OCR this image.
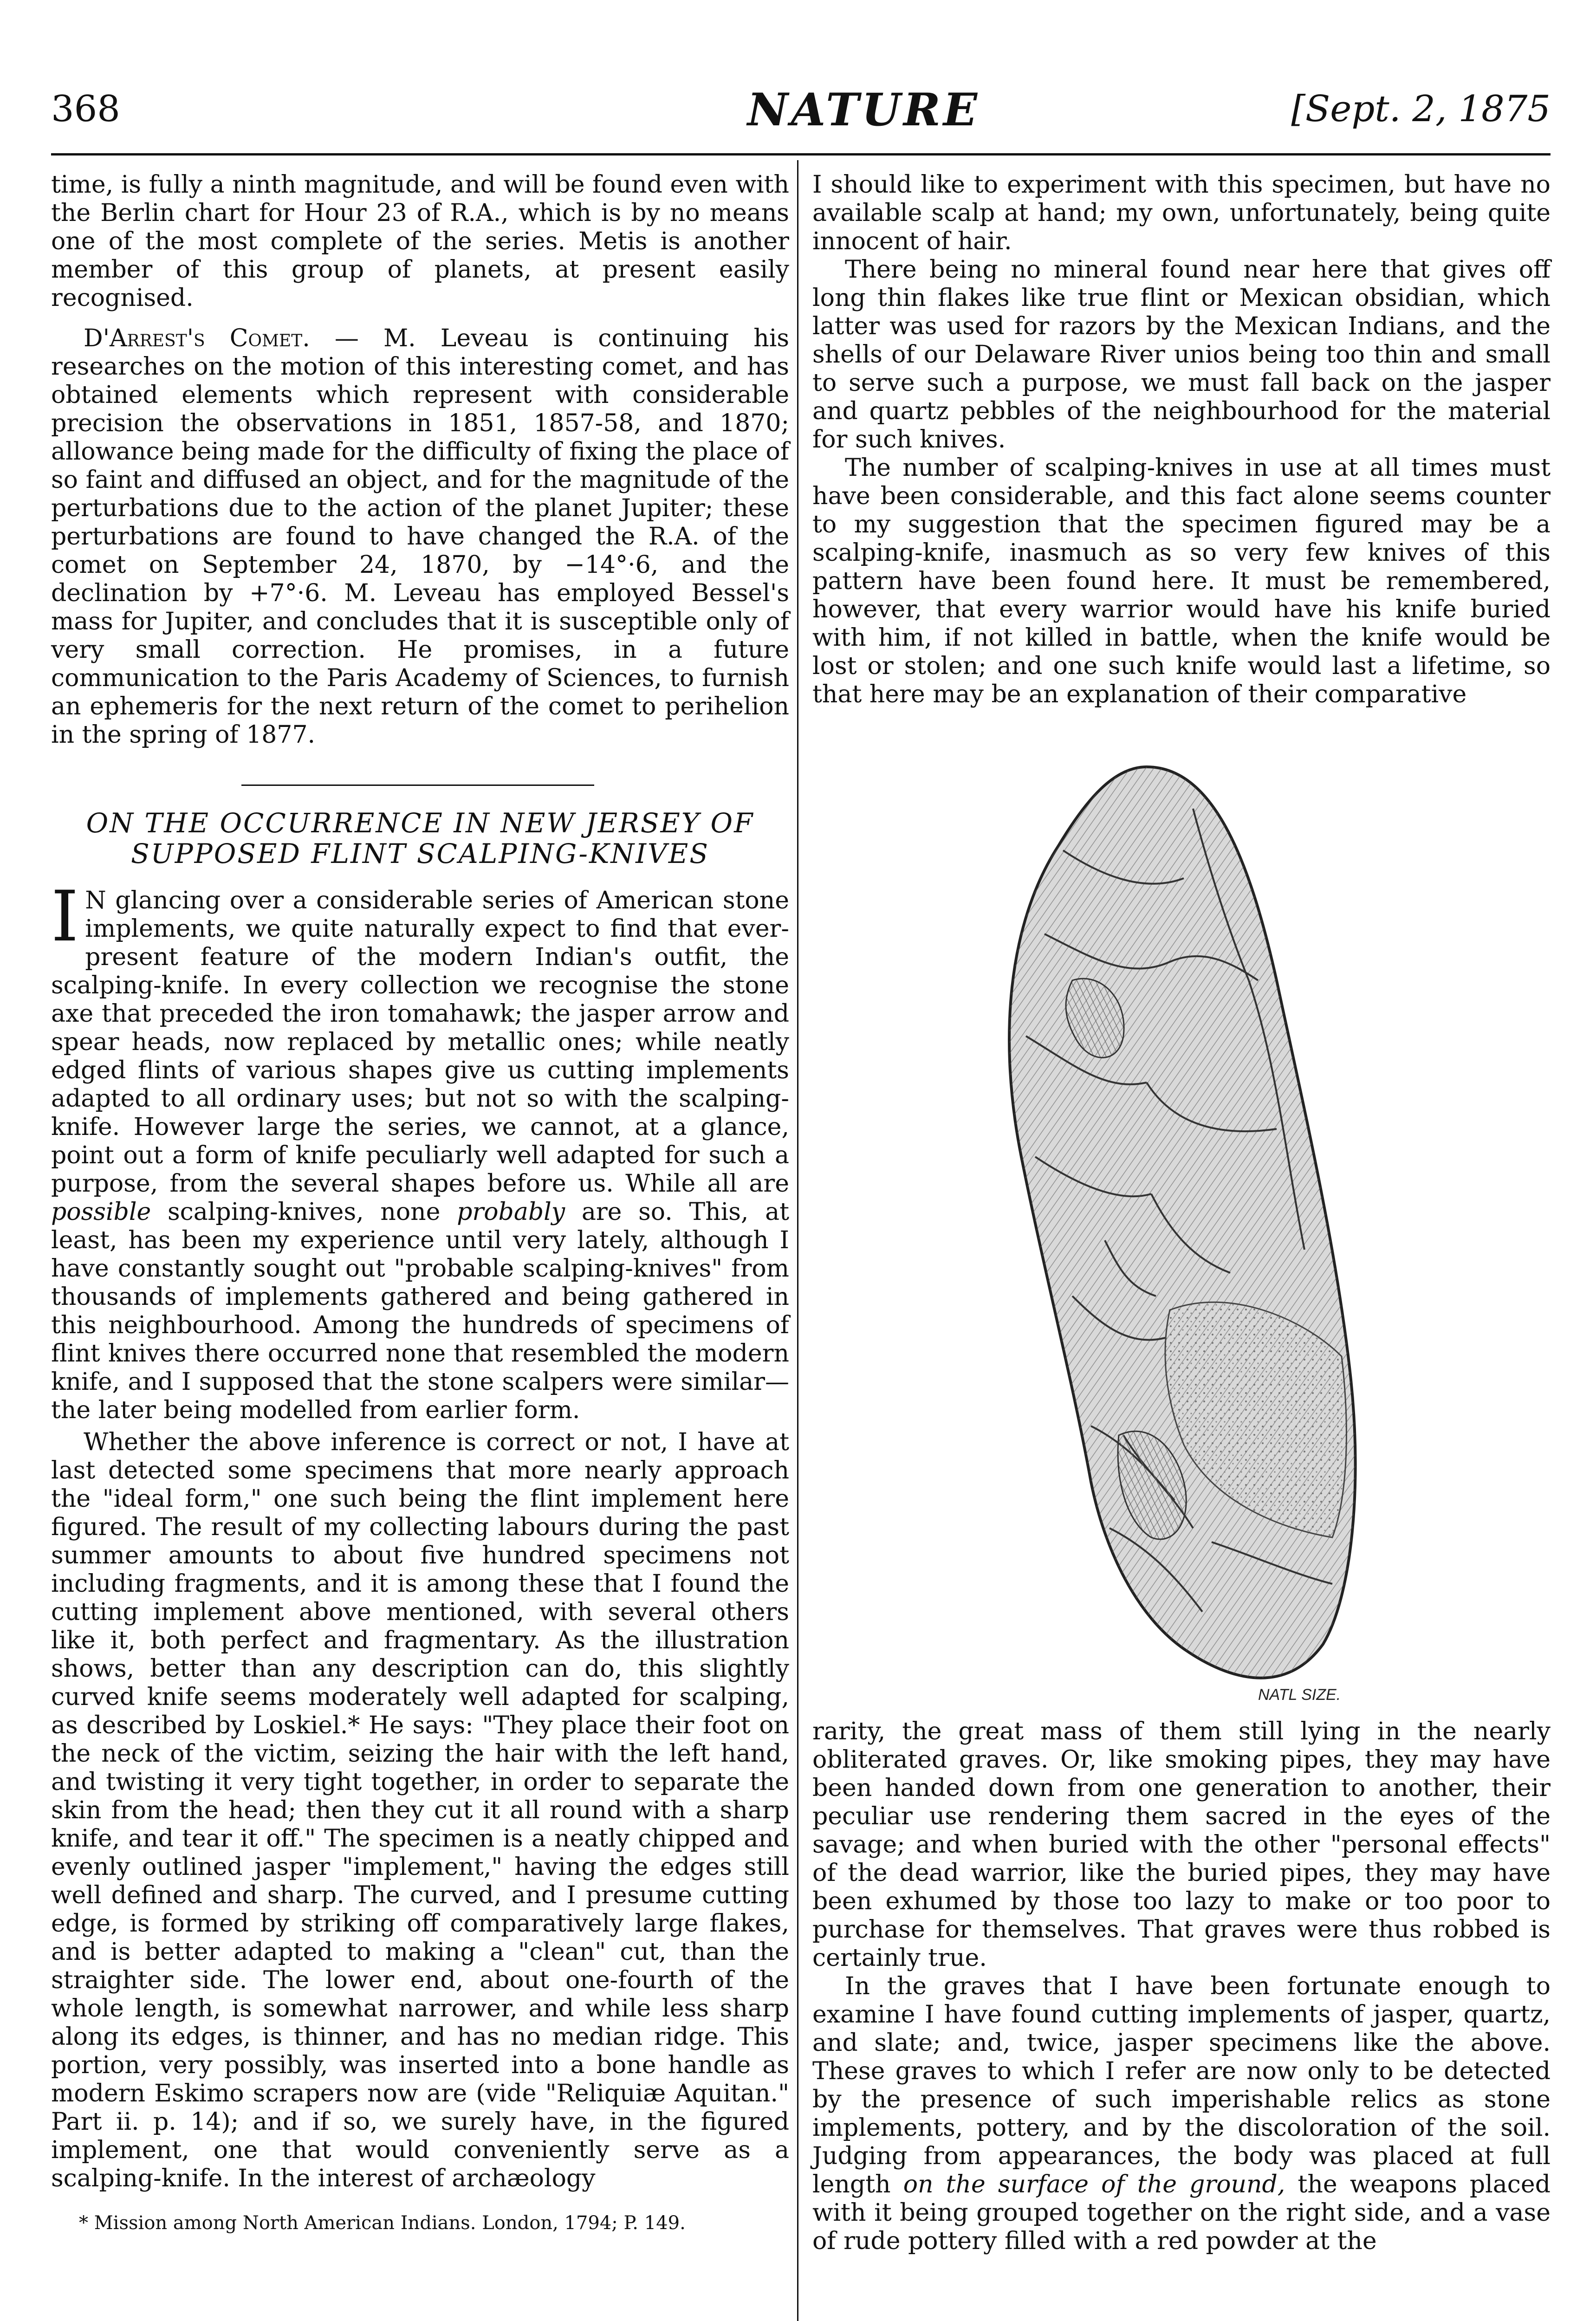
368	NATURE	[Sept. 2, 1875

time, is fully a ninth magnitude, and will be found even with the Berlin chart for Hour 23 of R.A., which is by no means one of the most complete of the series. Metis is another member of this group of planets, at present easily recognised.

D'Arrest's Comet. — M. Leveau is continuing his researches on the motion of this interesting comet, and has obtained elements which represent with considerable precision the observations in 1851, 1857-58, and 1870; allowance being made for the difficulty of fixing the place of so faint and diffused an object, and for the magnitude of the perturbations due to the action of the planet Jupiter; these perturbations are found to have changed the R.A. of the comet on September 24, 1870, by −14°·6, and the declination by +7°·6. M. Leveau has employed Bessel's mass for Jupiter, and concludes that it is susceptible only of very small correction. He promises, in a future communication to the Paris Academy of Sciences, to furnish an ephemeris for the next return of the comet to perihelion in the spring of 1877.

ON THE OCCURRENCE IN NEW JERSEY OF SUPPOSED FLINT SCALPING-KNIVES

I N glancing over a considerable series of American stone implements, we quite naturally expect to find that ever-present feature of the modern Indian's outfit, the scalping-knife. In every collection we recognise the stone axe that preceded the iron tomahawk; the jasper arrow and spear heads, now replaced by metallic ones; while neatly edged flints of various shapes give us cutting implements adapted to all ordinary uses; but not so with the scalping-knife. However large the series, we cannot, at a glance, point out a form of knife peculiarly well adapted for such a purpose, from the several shapes before us. While all are possible scalping-knives, none probably are so. This, at least, has been my experience until very lately, although I have constantly sought out "probable scalping-knives" from thousands of implements gathered and being gathered in this neighbourhood. Among the hundreds of specimens of flint knives there occurred none that resembled the modern knife, and I supposed that the stone scalpers were similar—the later being modelled from earlier form.

Whether the above inference is correct or not, I have at last detected some specimens that more nearly approach the "ideal form," one such being the flint implement here figured. The result of my collecting labours during the past summer amounts to about five hundred specimens not including fragments, and it is among these that I found the cutting implement above mentioned, with several others like it, both perfect and fragmentary. As the illustration shows, better than any description can do, this slightly curved knife seems moderately well adapted for scalping, as described by Loskiel.* He says: "They place their foot on the neck of the victim, seizing the hair with the left hand, and twisting it very tight together, in order to separate the skin from the head; then they cut it all round with a sharp knife, and tear it off." The specimen is a neatly chipped and evenly outlined jasper "implement," having the edges still well defined and sharp. The curved, and I presume cutting edge, is formed by striking off comparatively large flakes, and is better adapted to making a "clean" cut, than the straighter side. The lower end, about one-fourth of the whole length, is somewhat narrower, and while less sharp along its edges, is thinner, and has no median ridge. This portion, very possibly, was inserted into a bone handle as modern Eskimo scrapers now are (vide "Reliquiæ Aquitan." Part ii. p. 14); and if so, we surely have, in the figured implement, one that would conveniently serve as a scalping-knife. In the interest of archæology

* Mission among North American Indians. London, 1794; P. 149.

I should like to experiment with this specimen, but have no available scalp at hand; my own, unfortunately, being quite innocent of hair.

There being no mineral found near here that gives off long thin flakes like true flint or Mexican obsidian, which latter was used for razors by the Mexican Indians, and the shells of our Delaware River unios being too thin and small to serve such a purpose, we must fall back on the jasper and quartz pebbles of the neighbourhood for the material for such knives.

The number of scalping-knives in use at all times must have been considerable, and this fact alone seems counter to my suggestion that the specimen figured may be a scalping-knife, inasmuch as so very few knives of this pattern have been found here. It must be remembered, however, that every warrior would have his knife buried with him, if not killed in battle, when the knife would be lost or stolen; and one such knife would last a lifetime, so that here may be an explanation of their comparative

NATL SIZE.

rarity, the great mass of them still lying in the nearly obliterated graves. Or, like smoking pipes, they may have been handed down from one generation to another, their peculiar use rendering them sacred in the eyes of the savage; and when buried with the other "personal effects" of the dead warrior, like the buried pipes, they may have been exhumed by those too lazy to make or too poor to purchase for themselves. That graves were thus robbed is certainly true.

In the graves that I have been fortunate enough to examine I have found cutting implements of jasper, quartz, and slate; and, twice, jasper specimens like the above. These graves to which I refer are now only to be detected by the presence of such imperishable relics as stone implements, pottery, and by the discoloration of the soil. Judging from appearances, the body was placed at full length on the surface of the ground, the weapons placed with it being grouped together on the right side, and a vase of rude pottery filled with a red powder at the
